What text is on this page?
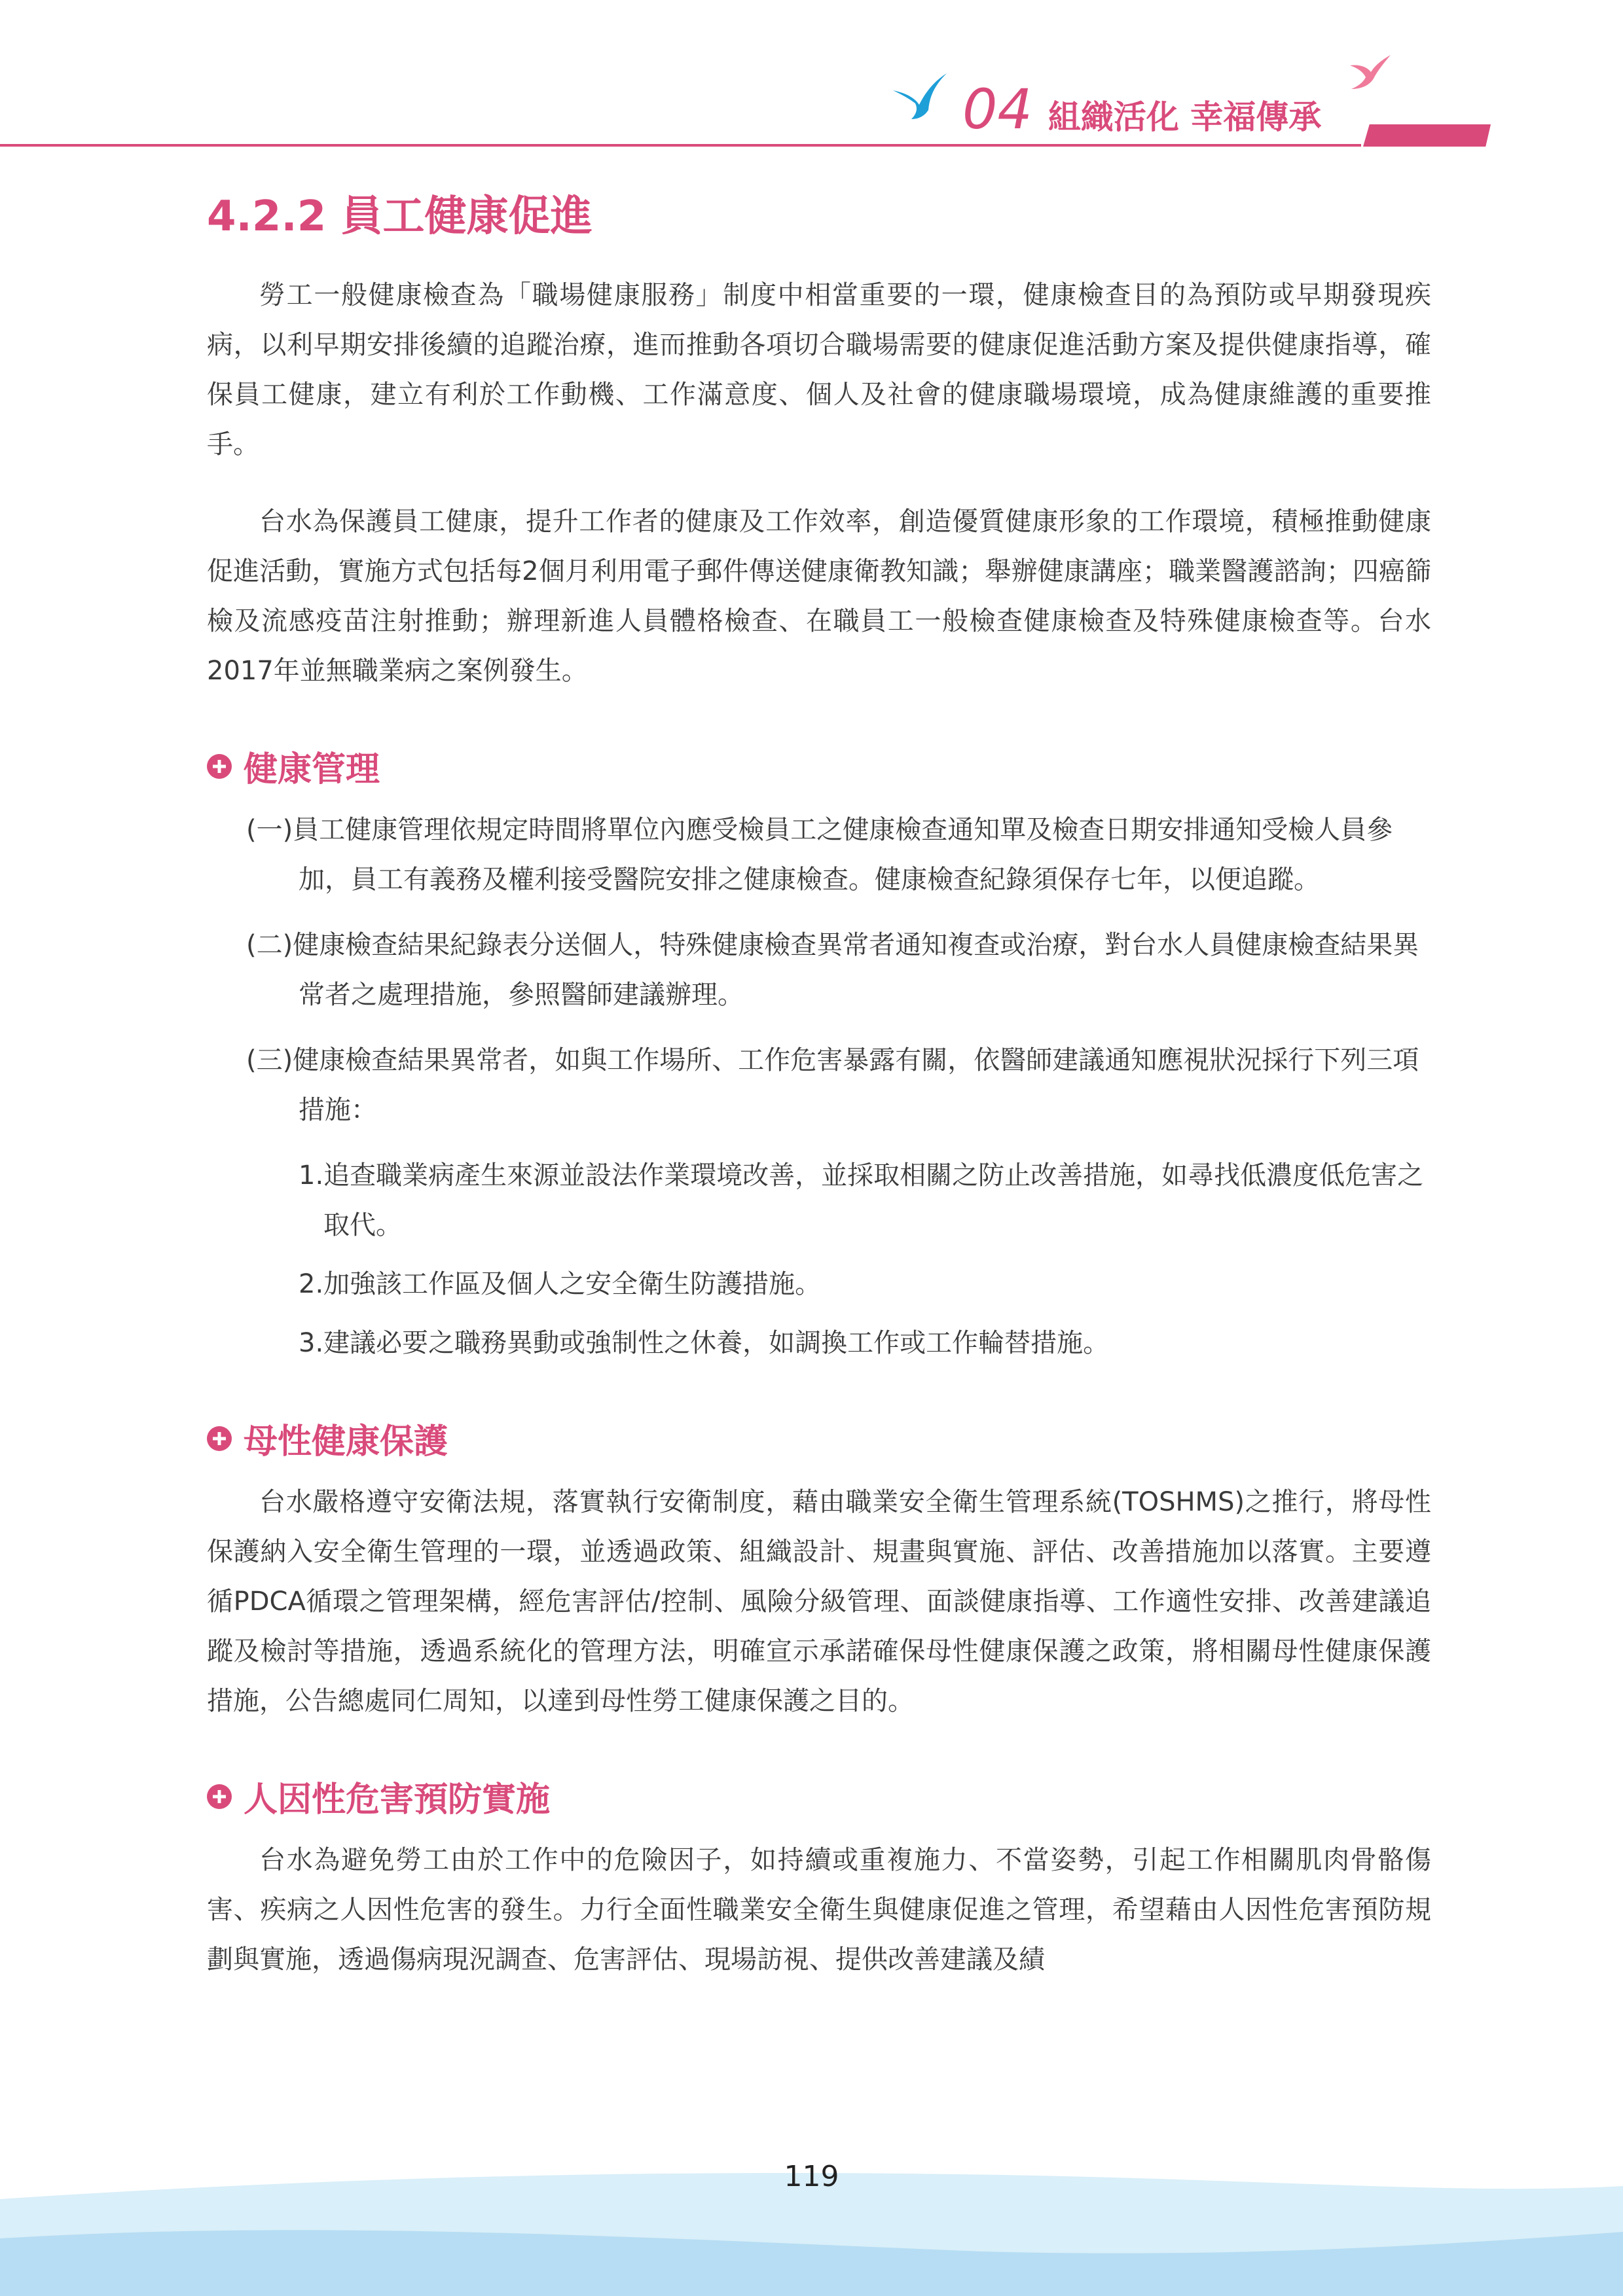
04 組織活化 幸福傳承
4.2.2 員工健康促進

勞工一般健康檢查為「職場健康服務」制度中相當重要的一環，健康檢查目的為預防或早期發現疾病，以利早期安排後續的追蹤治療，進而推動各項切合職場需要的健康促進活動方案及提供健康指導，確保員工健康，建立有利於工作動機、工作滿意度、個人及社會的健康職場環境，成為健康維護的重要推手。

台水為保護員工健康，提升工作者的健康及工作效率，創造優質健康形象的工作環境，積極推動健康促進活動，實施方式包括每2個月利用電子郵件傳送健康衛教知識；舉辦健康講座；職業醫護諮詢；四癌篩檢及流感疫苗注射推動；辦理新進人員體格檢查、在職員工一般檢查健康檢查及特殊健康檢查等。台水2017年並無職業病之案例發生。

健康管理

(一)員工健康管理依規定時間將單位內應受檢員工之健康檢查通知單及檢查日期安排通知受檢人員參加，員工有義務及權利接受醫院安排之健康檢查。健康檢查紀錄須保存七年，以便追蹤。

(二)健康檢查結果紀錄表分送個人，特殊健康檢查異常者通知複查或治療，對台水人員健康檢查結果異常者之處理措施，參照醫師建議辦理。

(三)健康檢查結果異常者，如與工作場所、工作危害暴露有關，依醫師建議通知應視狀況採行下列三項措施：

1.追查職業病產生來源並設法作業環境改善，並採取相關之防止改善措施，如尋找低濃度低危害之取代。

2.加強該工作區及個人之安全衛生防護措施。

3.建議必要之職務異動或強制性之休養，如調換工作或工作輪替措施。

母性健康保護

台水嚴格遵守安衛法規，落實執行安衛制度，藉由職業安全衛生管理系統(TOSHMS)之推行，將母性保護納入安全衛生管理的一環，並透過政策、組織設計、規畫與實施、評估、改善措施加以落實。主要遵循PDCA循環之管理架構，經危害評估/控制、風險分級管理、面談健康指導、工作適性安排、改善建議追蹤及檢討等措施，透過系統化的管理方法，明確宣示承諾確保母性健康保護之政策，將相關母性健康保護措施，公告總處同仁周知，以達到母性勞工健康保護之目的。

人因性危害預防實施

台水為避免勞工由於工作中的危險因子，如持續或重複施力、不當姿勢，引起工作相關肌肉骨骼傷害、疾病之人因性危害的發生。力行全面性職業安全衛生與健康促進之管理，希望藉由人因性危害預防規劃與實施，透過傷病現況調查、危害評估、現場訪視、提供改善建議及績

119
